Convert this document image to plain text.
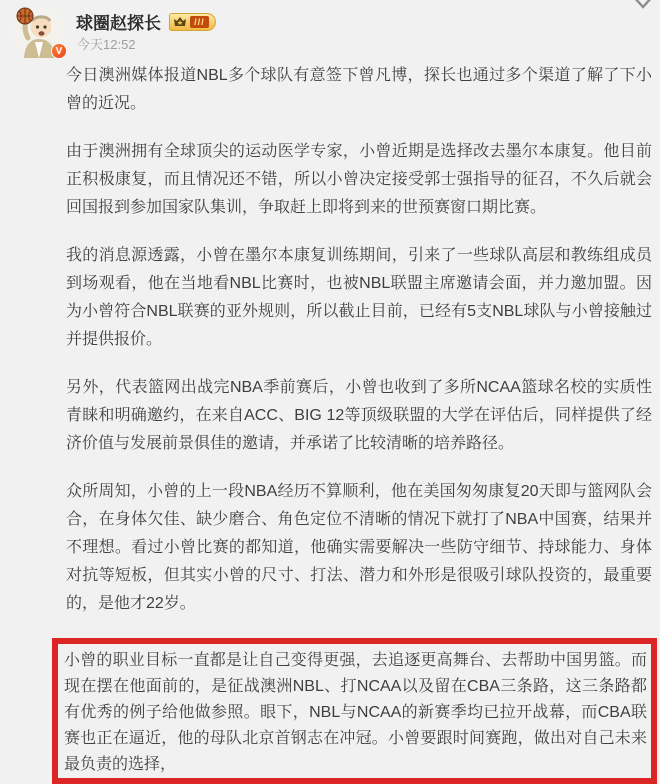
V
球圈赵探长	III
今天12:52

今日澳洲媒体报道NBL多个球队有意签下曾凡博，探长也通过多个渠道了解了下小曾的近况。

由于澳洲拥有全球顶尖的运动医学专家，小曾近期是选择改去墨尔本康复。他目前正积极康复，而且情况还不错，所以小曾决定接受郭士强指导的征召，不久后就会回国报到参加国家队集训，争取赶上即将到来的世预赛窗口期比赛。

我的消息源透露，小曾在墨尔本康复训练期间，引来了一些球队高层和教练组成员到场观看，他在当地看NBL比赛时，也被NBL联盟主席邀请会面，并力邀加盟。因为小曾符合NBL联赛的亚外规则，所以截止目前，已经有5支NBL球队与小曾接触过并提供报价。

另外，代表篮网出战完NBA季前赛后，小曾也收到了多所NCAA篮球名校的实质性青睐和明确邀约，在来自ACC、BIG 12等顶级联盟的大学在评估后，同样提供了经济价值与发展前景俱佳的邀请，并承诺了比较清晰的培养路径。

众所周知，小曾的上一段NBA经历不算顺利，他在美国匆匆康复20天即与篮网队会合，在身体欠佳、缺少磨合、角色定位不清晰的情况下就打了NBA中国赛，结果并不理想。看过小曾比赛的都知道，他确实需要解决一些防守细节、持球能力、身体对抗等短板，但其实小曾的尺寸、打法、潜力和外形是很吸引球队投资的，最重要的，是他才22岁。

小曾的职业目标一直都是让自己变得更强，去追逐更高舞台、去帮助中国男篮。而现在摆在他面前的，是征战澳洲NBL、打NCAA以及留在CBA三条路，这三条路都有优秀的例子给他做参照。眼下，NBL与NCAA的新赛季均已拉开战幕，而CBA联赛也正在逼近，他的母队北京首钢志在冲冠。小曾要跟时间赛跑，做出对自己未来最负责的选择，
